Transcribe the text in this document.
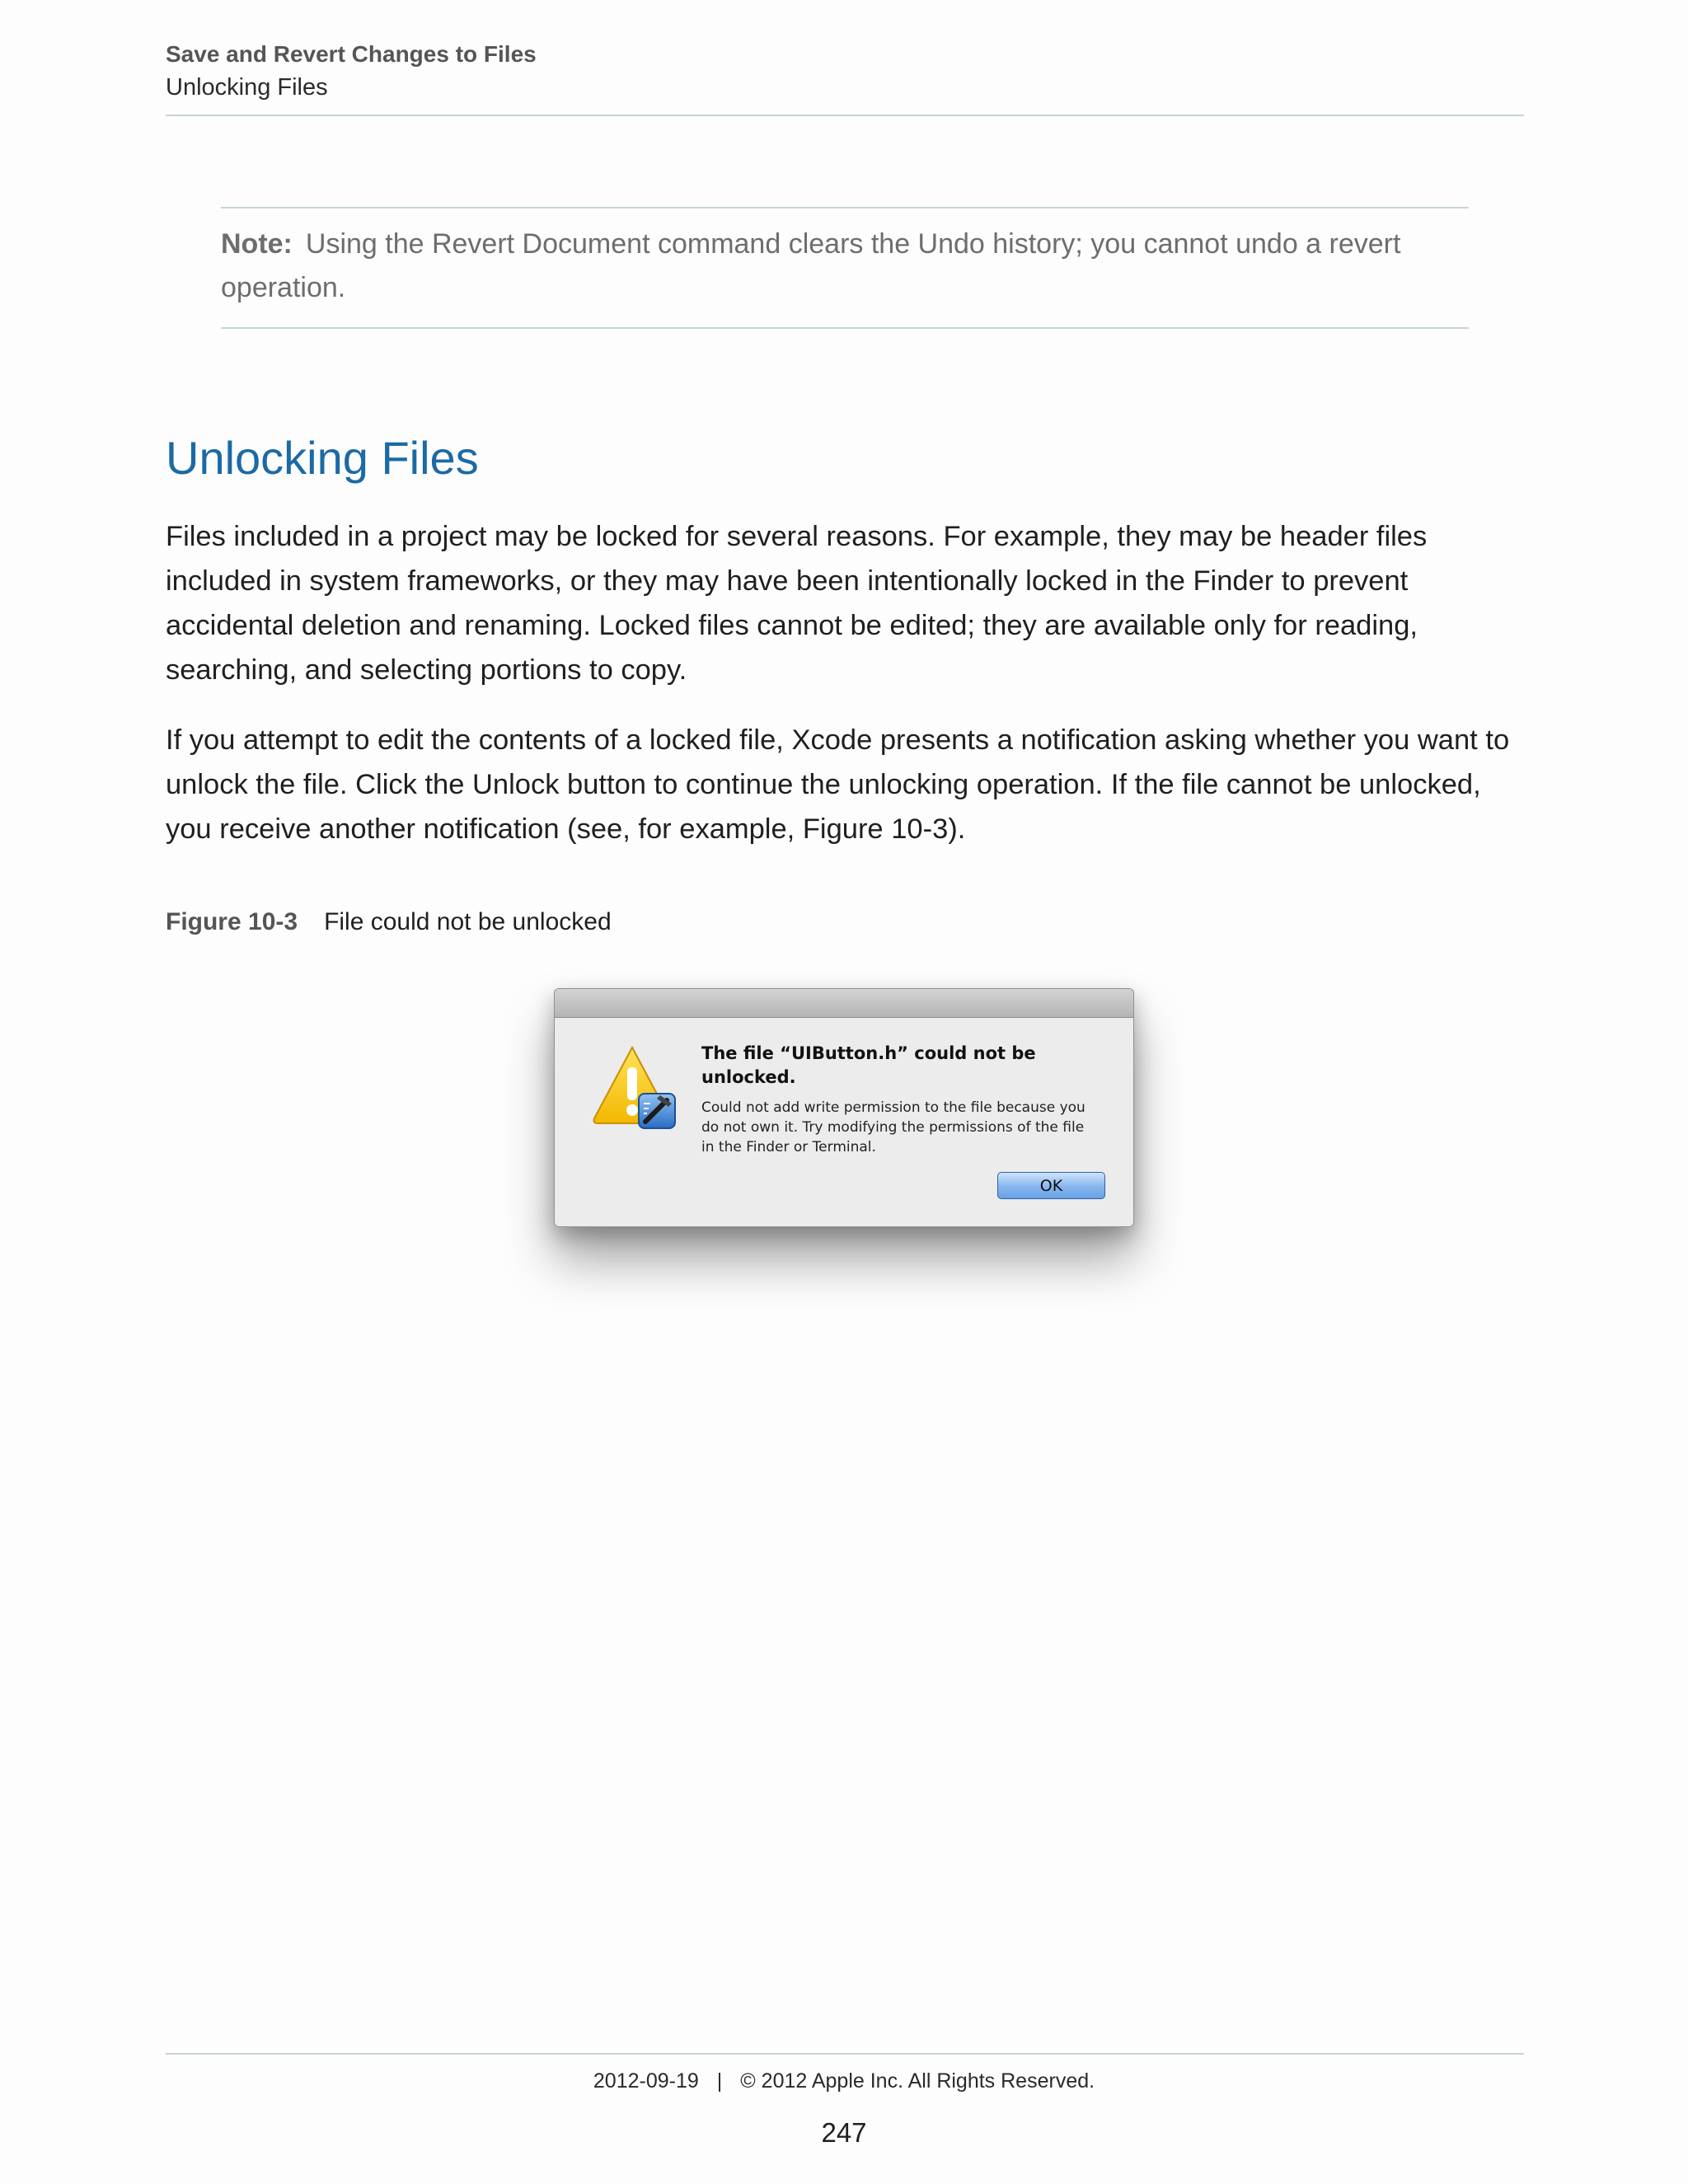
Save and Revert Changes to Files
Unlocking Files
Note: Using the Revert Document command clears the Undo history; you cannot undo a revert operation.
Unlocking Files

Files included in a project may be locked for several reasons. For example, they may be header files included in system frameworks, or they may have been intentionally locked in the Finder to prevent accidental deletion and renaming. Locked files cannot be edited; they are available only for reading, searching, and selecting portions to copy.

If you attempt to edit the contents of a locked file, Xcode presents a notification asking whether you want to unlock the file. Click the Unlock button to continue the unlocking operation. If the file cannot be unlocked, you receive another notification (see, for example, Figure 10-3).

Figure 10-3 File could not be unlocked
The file “UIButton.h” could not be unlocked.
Could not add write permission to the file because you do not own it. Try modifying the permissions of the file in the Finder or Terminal.
OK
2012-09-19 | © 2012 Apple Inc. All Rights Reserved.
247
